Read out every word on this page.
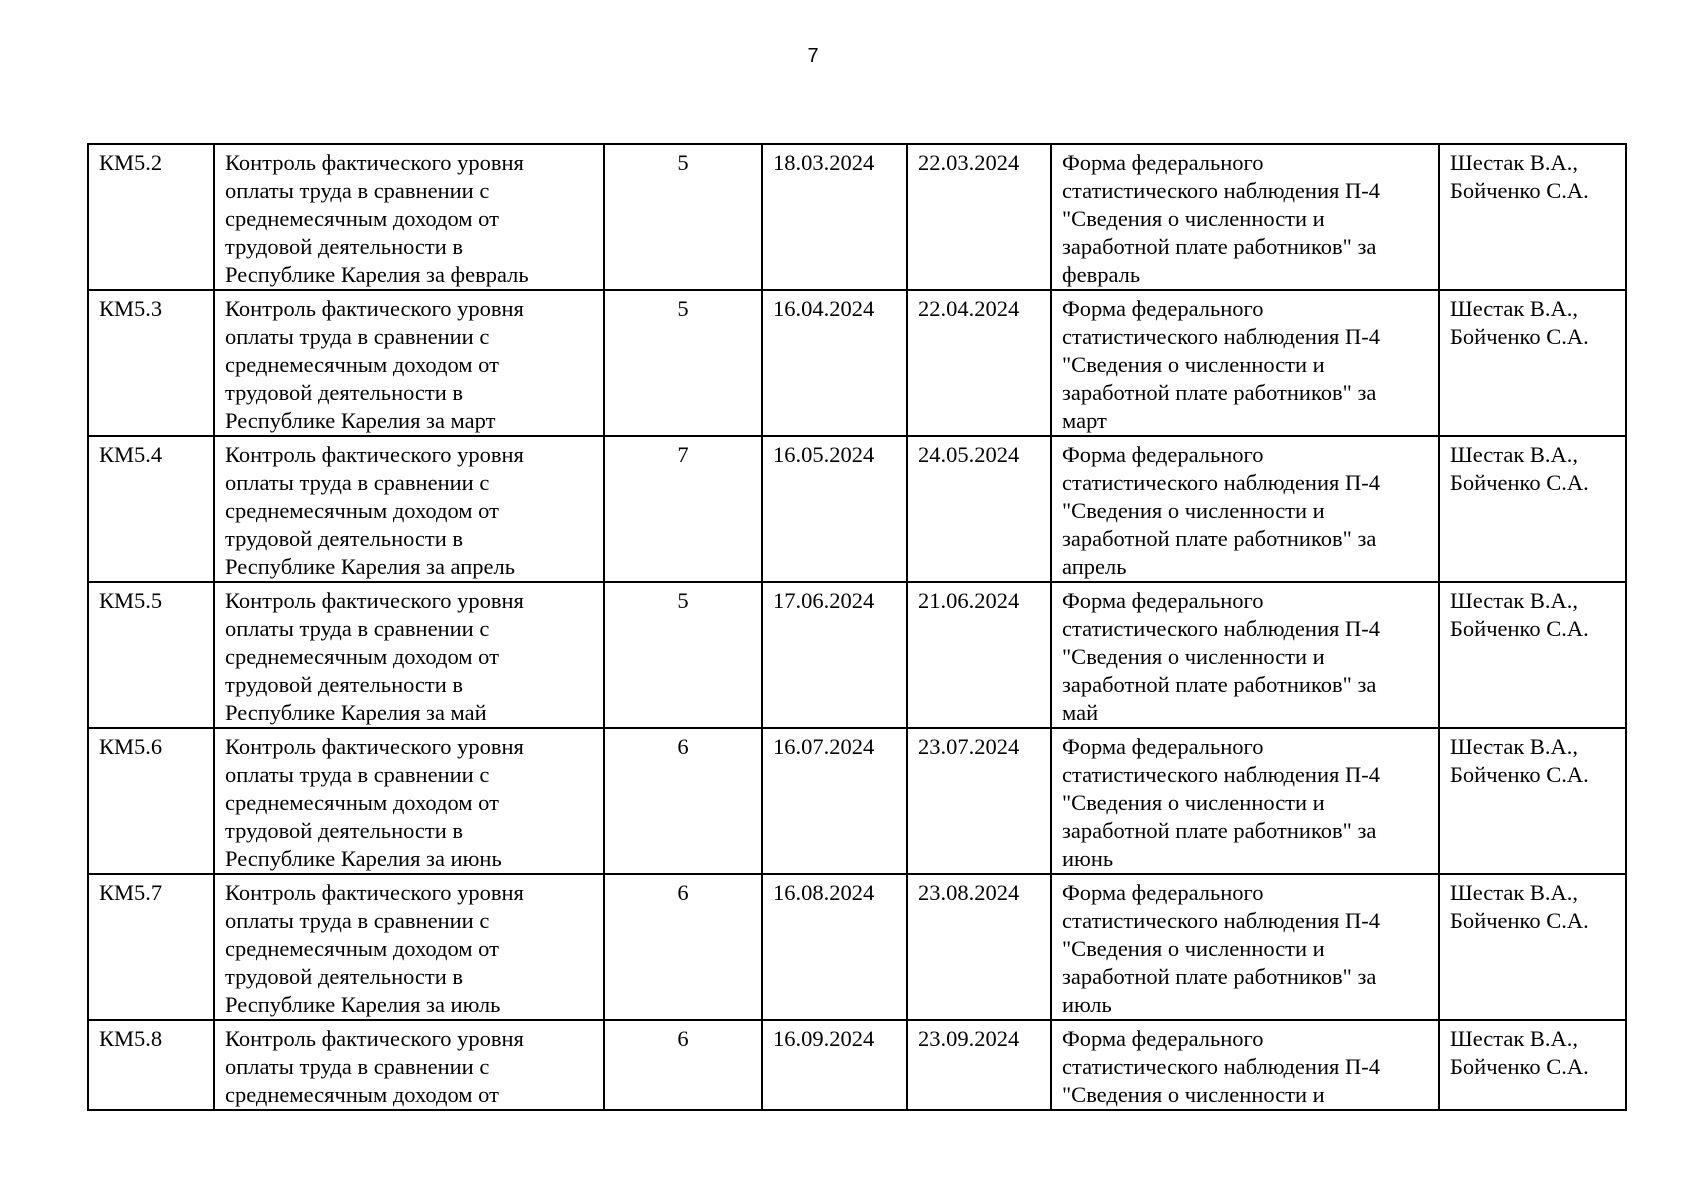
7
КМ5.2	Контроль фактического уровня
оплаты труда в сравнении с
среднемесячным доходом от
трудовой деятельности в
Республике Карелия за февраль	5	18.03.2024	22.03.2024	Форма федерального
статистического наблюдения П-4
"Сведения о численности и
заработной плате работников" за
февраль	Шестак В.А.,
Бойченко С.А.

КМ5.3	Контроль фактического уровня
оплаты труда в сравнении с
среднемесячным доходом от
трудовой деятельности в
Республике Карелия за март	5	16.04.2024	22.04.2024	Форма федерального
статистического наблюдения П-4
"Сведения о численности и
заработной плате работников" за
март	Шестак В.А.,
Бойченко С.А.

КМ5.4	Контроль фактического уровня
оплаты труда в сравнении с
среднемесячным доходом от
трудовой деятельности в
Республике Карелия за апрель	7	16.05.2024	24.05.2024	Форма федерального
статистического наблюдения П-4
"Сведения о численности и
заработной плате работников" за
апрель	Шестак В.А.,
Бойченко С.А.

КМ5.5	Контроль фактического уровня
оплаты труда в сравнении с
среднемесячным доходом от
трудовой деятельности в
Республике Карелия за май	5	17.06.2024	21.06.2024	Форма федерального
статистического наблюдения П-4
"Сведения о численности и
заработной плате работников" за
май	Шестак В.А.,
Бойченко С.А.

КМ5.6	Контроль фактического уровня
оплаты труда в сравнении с
среднемесячным доходом от
трудовой деятельности в
Республике Карелия за июнь	6	16.07.2024	23.07.2024	Форма федерального
статистического наблюдения П-4
"Сведения о численности и
заработной плате работников" за
июнь	Шестак В.А.,
Бойченко С.А.

КМ5.7	Контроль фактического уровня
оплаты труда в сравнении с
среднемесячным доходом от
трудовой деятельности в
Республике Карелия за июль	6	16.08.2024	23.08.2024	Форма федерального
статистического наблюдения П-4
"Сведения о численности и
заработной плате работников" за
июль	Шестак В.А.,
Бойченко С.А.

КМ5.8	Контроль фактического уровня
оплаты труда в сравнении с
среднемесячным доходом от	6	16.09.2024	23.09.2024	Форма федерального
статистического наблюдения П-4
"Сведения о численности и	Шестак В.А.,
Бойченко С.А.
